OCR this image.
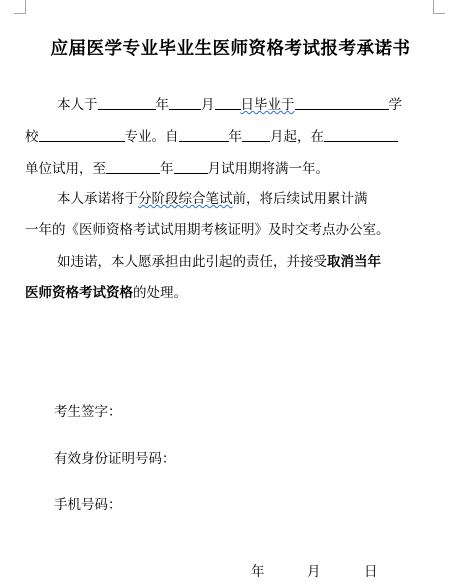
应届医学专业毕业生医师资格考试报考承诺书
本人于	年 月 日毕业于	学
校	专业。自	年 月起，在
单位试用，至	年	月试用期将满一年。
本人承诺将于分阶段综合笔试前，将后续试用累计满
一年的《医师资格考试试用期考核证明》及时交考点办公室。
如违诺，本人愿承担由此引起的责任，并接受取消当年
医师资格考试资格的处理。
考生签字：
有效身份证明号码：
手机号码：
年	月	日
